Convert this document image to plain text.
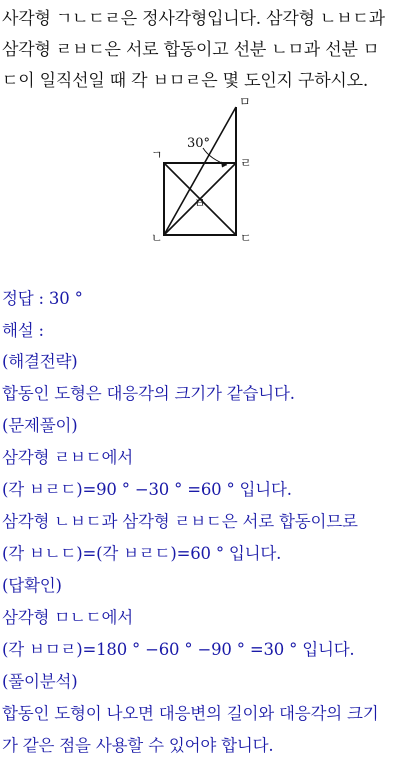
사각형 ㄱㄴㄷㄹ은 정사각형입니다. 삼각형 ㄴㅂㄷ과
삼각형 ㄹㅂㄷ은 서로 합동이고 선분 ㄴㅁ과 선분 ㅁ
ㄷ이 일직선일 때 각 ㅂㅁㄹ은 몇 도인지 구하시오.
ㄱ
ㄴ	ㄷ
ㄹ
ㅁ
ㅂ
30°
정답 : 30 °
해설 :
(해결전략)
합동인 도형은 대응각의 크기가 같습니다.
(문제풀이)
삼각형 ㄹㅂㄷ에서
(각 ㅂㄹㄷ)=90 ° −30 ° =60 ° 입니다.
삼각형 ㄴㅂㄷ과 삼각형 ㄹㅂㄷ은 서로 합동이므로
(각 ㅂㄴㄷ)=(각 ㅂㄹㄷ)=60 ° 입니다.
(답확인)
삼각형 ㅁㄴㄷ에서
(각 ㅂㅁㄹ)=180 ° −60 ° −90 ° =30 ° 입니다.
(풀이분석)
합동인 도형이 나오면 대응변의 길이와 대응각의 크기
가 같은 점을 사용할 수 있어야 합니다.
